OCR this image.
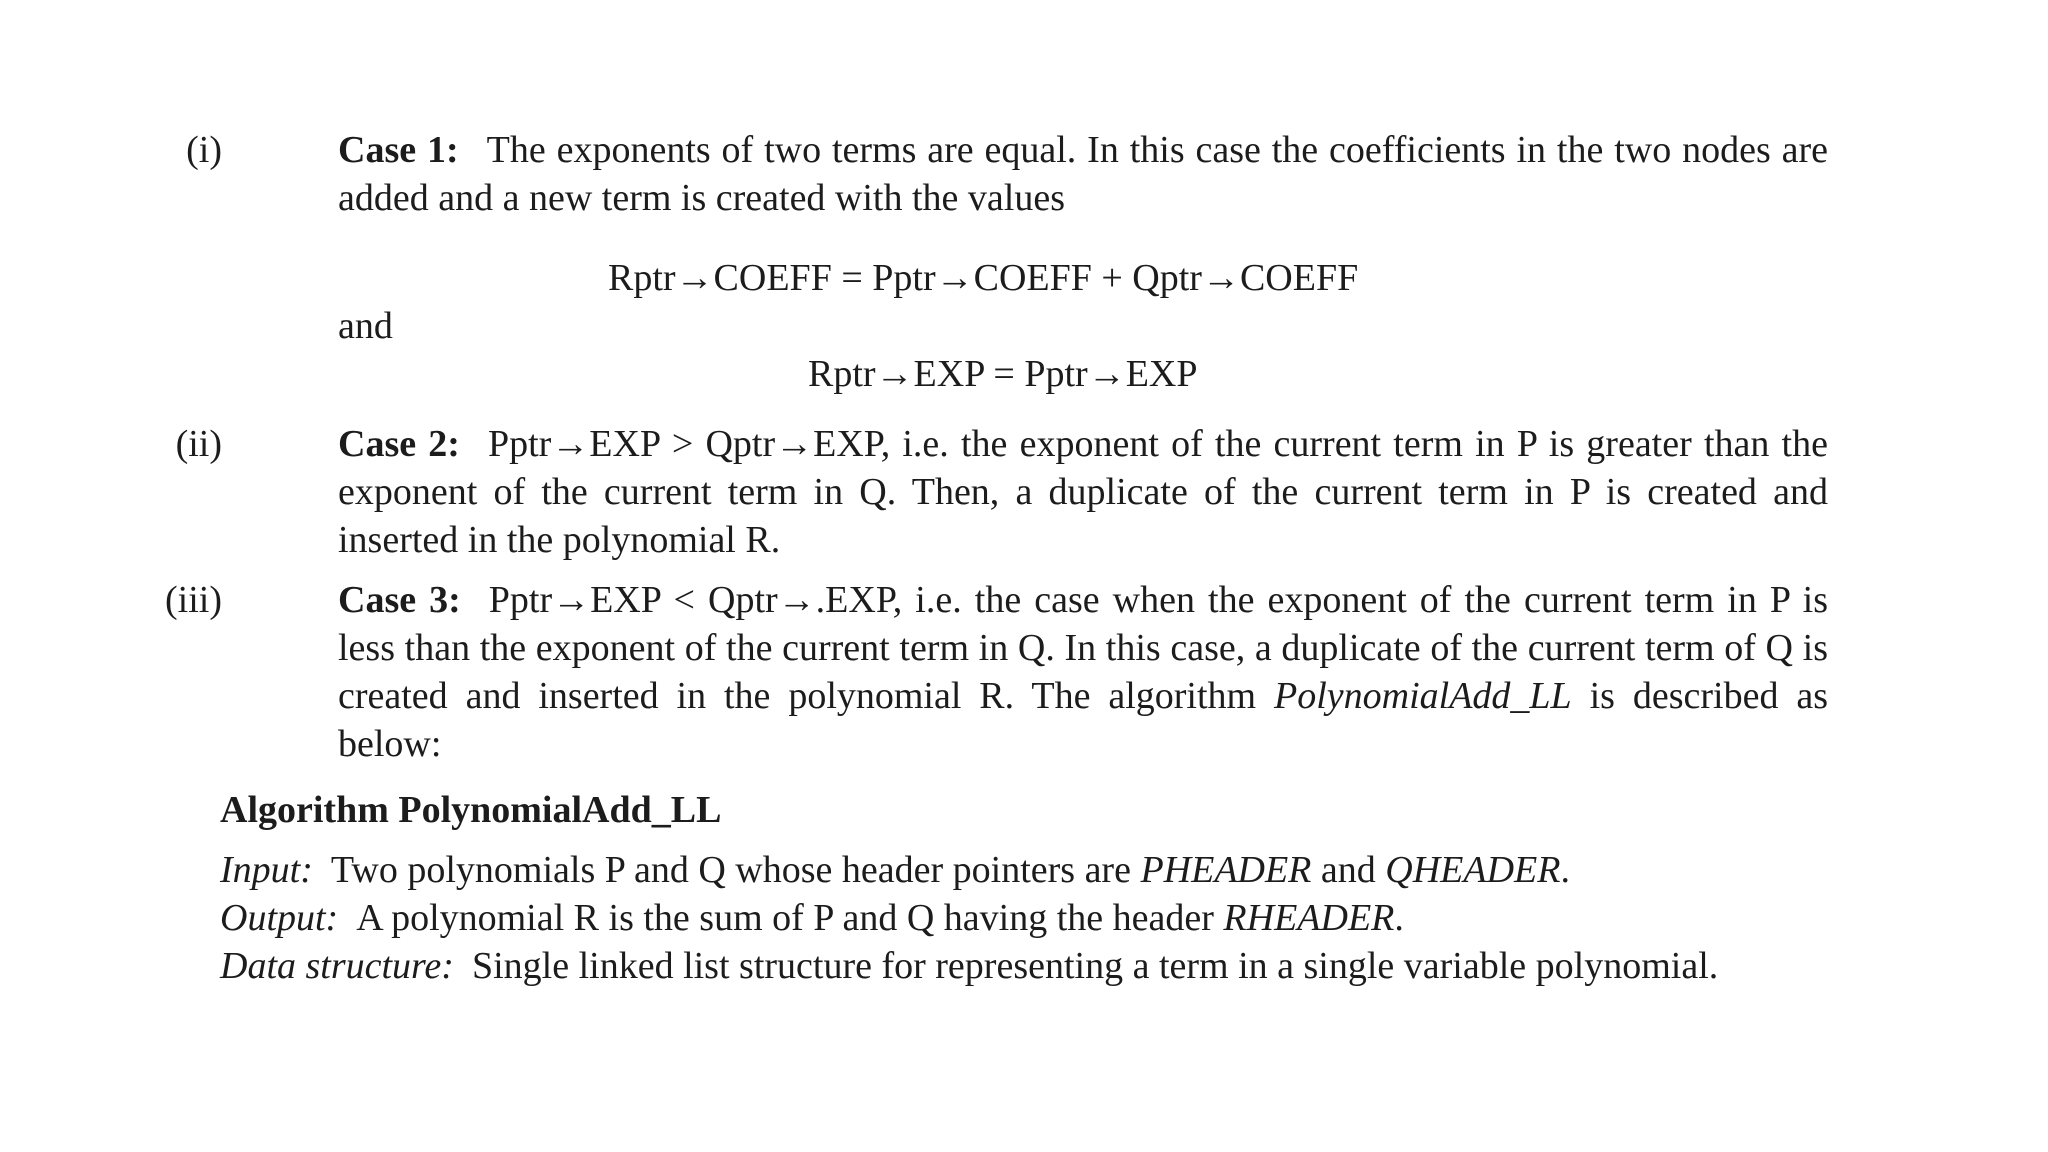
(i)	Case 1: The exponents of two terms are equal. In this case the coefficients in the two nodes are added and a new term is created with the values
Rptr→COEFF = Pptr→COEFF + Qptr→COEFF
and
Rptr→EXP = Pptr→EXP
(ii)	Case 2: Pptr→EXP > Qptr→EXP, i.e. the exponent of the current term in P is greater than the exponent of the current term in Q. Then, a duplicate of the current term in P is created and inserted in the polynomial R.
(iii)	Case 3: Pptr→EXP < Qptr→.EXP, i.e. the case when the exponent of the current term in P is less than the exponent of the current term in Q. In this case, a duplicate of the current term of Q is created and inserted in the polynomial R. The algorithm PolynomialAdd_LL is described as below:
Algorithm PolynomialAdd_LL
Input: Two polynomials P and Q whose header pointers are PHEADER and QHEADER.
Output: A polynomial R is the sum of P and Q having the header RHEADER.
Data structure: Single linked list structure for representing a term in a single variable polynomial.
